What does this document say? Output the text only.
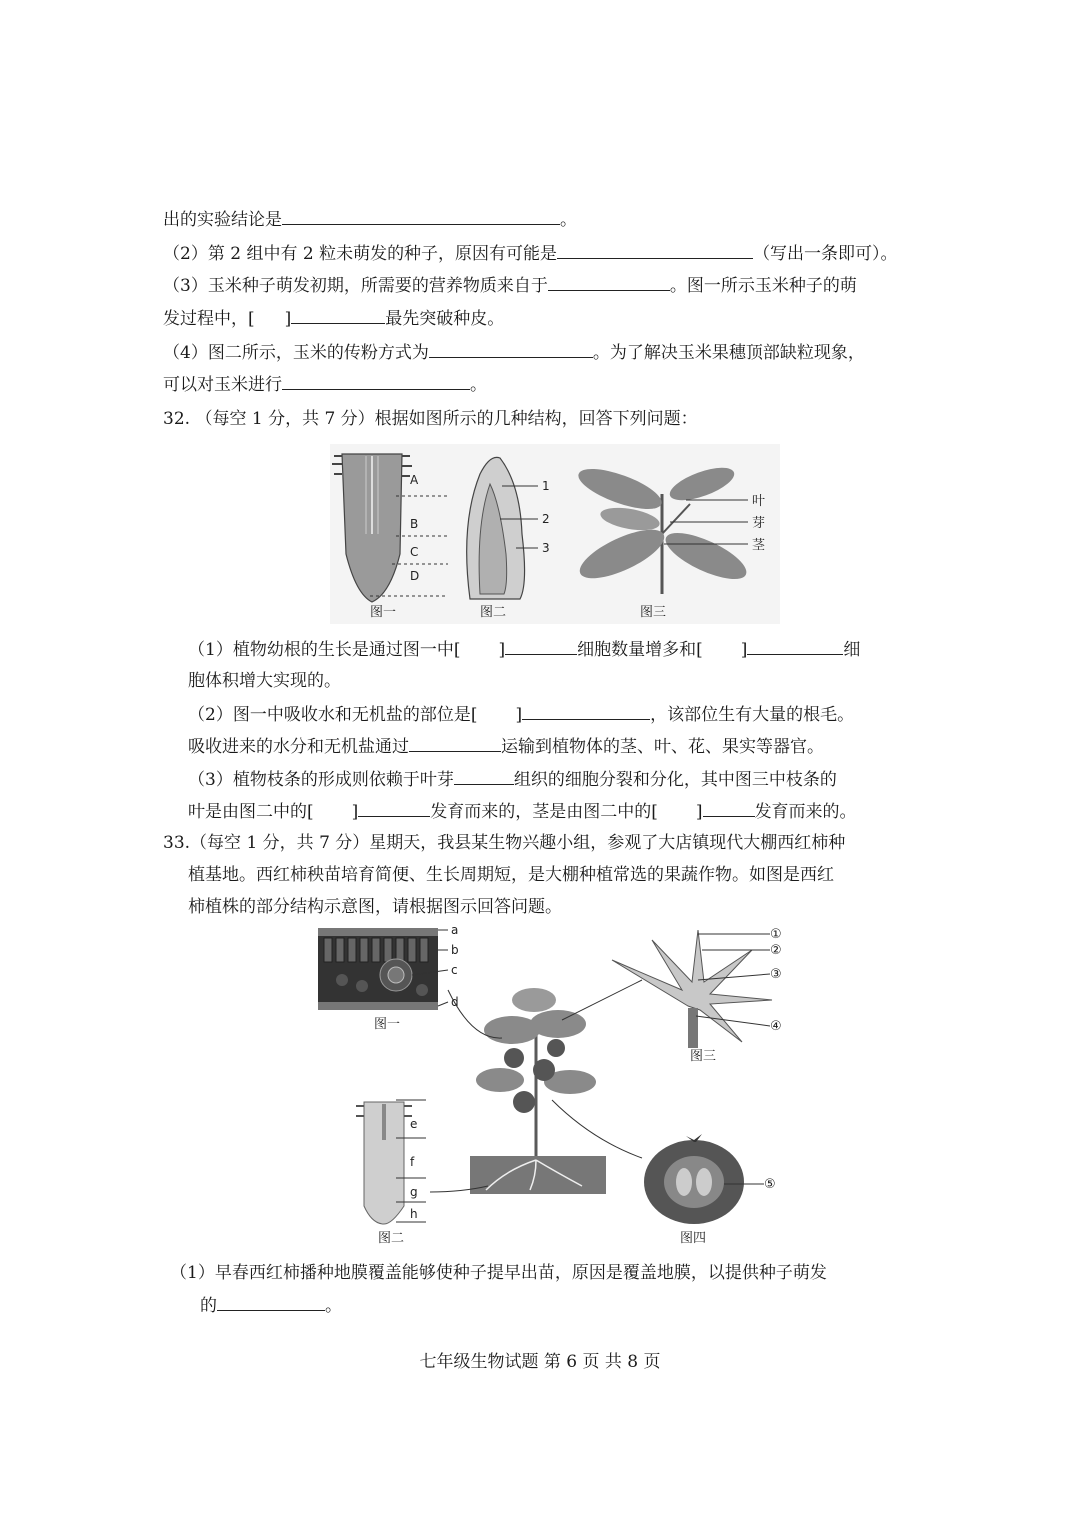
出的实验结论是	。
（2）第 2 组中有 2 粒未萌发的种子，原因有可能是	（写出一条即可）。
（3）玉米种子萌发初期，所需要的营养物质来自于	。图一所示玉米种子的萌
发过程中，[ ]	最先突破种皮。
（4）图二所示，玉米的传粉方式为	。为了解决玉米果穗顶部缺粒现象，
可以对玉米进行	。
32. （每空 1 分，共 7 分）根据如图所示的几种结构，回答下列问题：
A
B
C
D
1
2
3
叶
芽
茎
图一	图二	图三
（1）植物幼根的生长是通过图一中[ ]	细胞数量增多和[ ]	细
胞体积增大实现的。
（2）图一中吸收水和无机盐的部位是[ ]	，该部位生有大量的根毛。
吸收进来的水分和无机盐通过	运输到植物体的茎、叶、花、果实等器官。
（3）植物枝条的形成则依赖于叶芽	组织的细胞分裂和分化，其中图三中枝条的
叶是由图二中的[ ]	发育而来的，茎是由图二中的[ ]	发育而来的。
33.（每空 1 分，共 7 分）星期天，我县某生物兴趣小组，参观了大店镇现代大棚西红柿种
植基地。西红柿秧苗培育简便、生长周期短，是大棚种植常选的果蔬作物。如图是西红
柿植株的部分结构示意图，请根据图示回答问题。
a
b
c
d
图一
①
②
③
④
图三
e
f
g
h
图二
⑤
图四
（1）早春西红柿播种地膜覆盖能够使种子提早出苗，原因是覆盖地膜，以提供种子萌发
的	。
七年级生物试题 第 6 页 共 8 页
